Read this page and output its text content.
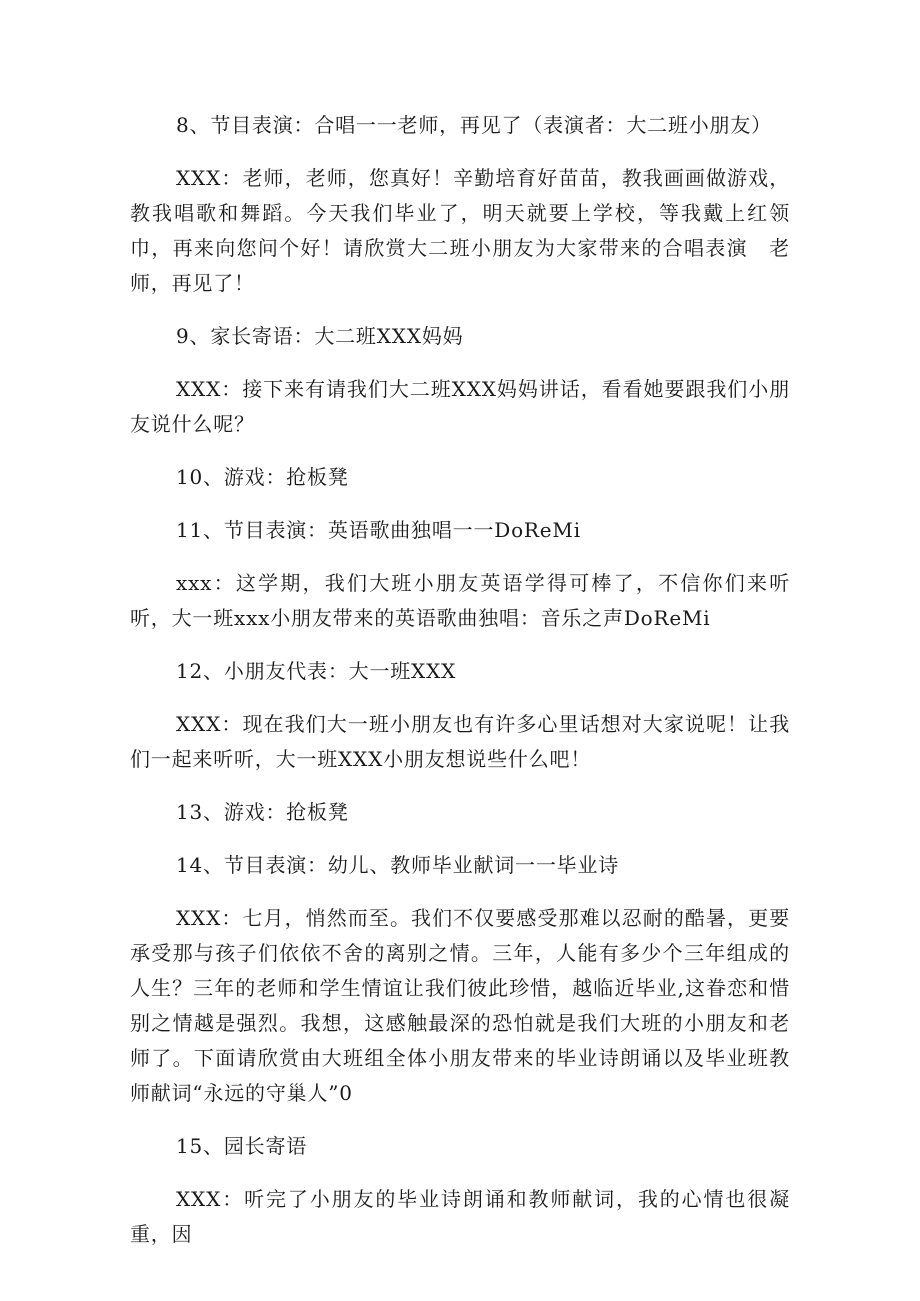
8、节目表演：合唱一一老师，再见了（表演者：大二班小朋友）

XXX：老师，老师，您真好！辛勤培育好苗苗，教我画画做游戏，教我唱歌和舞蹈。今天我们毕业了，明天就要上学校，等我戴上红领巾，再来向您问个好！请欣赏大二班小朋友为大家带来的合唱表演　老师，再见了！

9、家长寄语：大二班XXX妈妈

XXX：接下来有请我们大二班XXX妈妈讲话，看看她要跟我们小朋友说什么呢？

10、游戏：抢板凳

11、节目表演：英语歌曲独唱一一DoReMi

xxx：这学期，我们大班小朋友英语学得可棒了，不信你们来听听，大一班xxx小朋友带来的英语歌曲独唱：音乐之声DoReMi

12、小朋友代表：大一班XXX

XXX：现在我们大一班小朋友也有许多心里话想对大家说呢！让我们一起来听听，大一班XXX小朋友想说些什么吧！

13、游戏：抢板凳

14、节目表演：幼儿、教师毕业献词一一毕业诗

XXX：七月，悄然而至。我们不仅要感受那难以忍耐的酷暑，更要承受那与孩子们依依不舍的离别之情。三年，人能有多少个三年组成的人生？三年的老师和学生情谊让我们彼此珍惜，越临近毕业,这眷恋和惜别之情越是强烈。我想，这感触最深的恐怕就是我们大班的小朋友和老师了。下面请欣赏由大班组全体小朋友带来的毕业诗朗诵以及毕业班教师献词“永远的守巢人”0

15、园长寄语

XXX：听完了小朋友的毕业诗朗诵和教师献词，我的心情也很凝重，因
